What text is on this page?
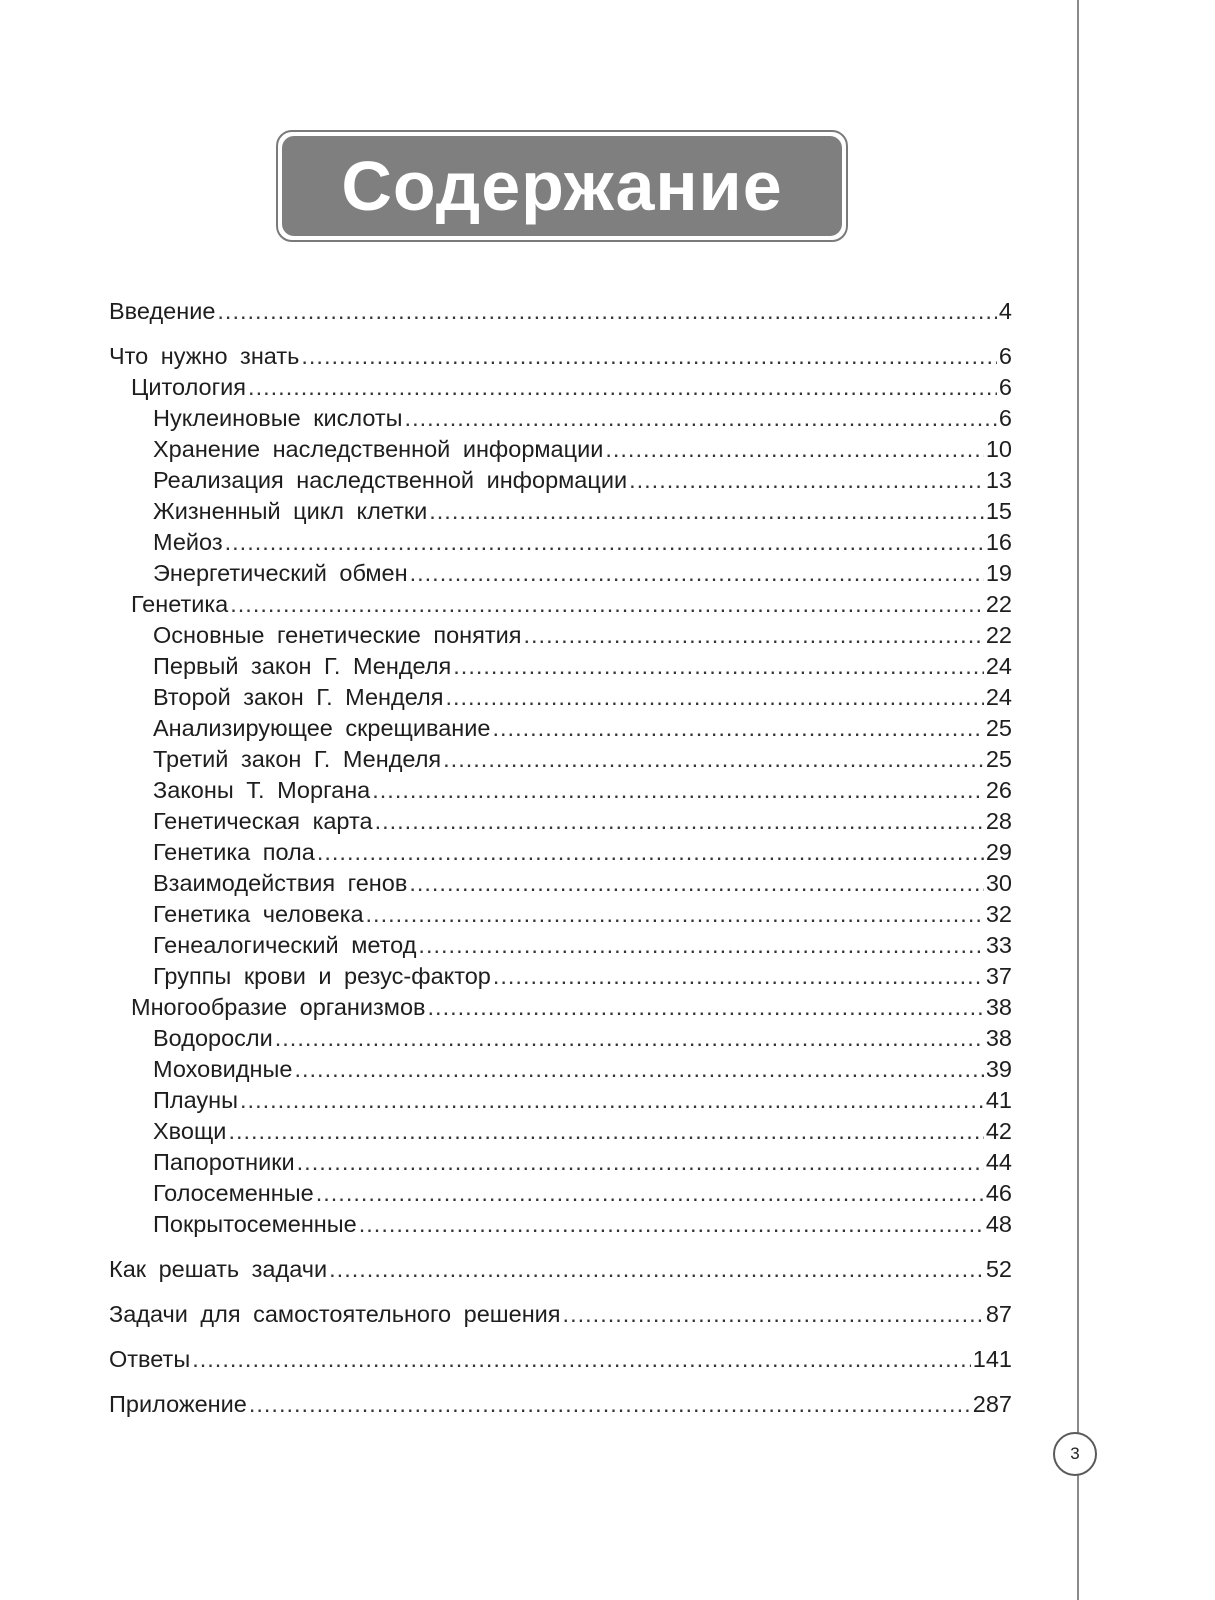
Содержание
Введение .....	4
Что нужно знать .....	6
Цитология .....	6
Нуклеиновые кислоты .....	6
Хранение наследственной информации .....	10
Реализация наследственной информации .....	13
Жизненный цикл клетки .....	15
Мейоз .....	16
Энергетический обмен .....	19
Генетика .....	22
Основные генетические понятия .....	22
Первый закон Г. Менделя .....	24
Второй закон Г. Менделя .....	24
Анализирующее скрещивание .....	25
Третий закон Г. Менделя .....	25
Законы Т. Моргана .....	26
Генетическая карта .....	28
Генетика пола .....	29
Взаимодействия генов .....	30
Генетика человека .....	32
Генеалогический метод .....	33
Группы крови и резус-фактор .....	37
Многообразие организмов .....	38
Водоросли .....	38
Моховидные .....	39
Плауны .....	41
Хвощи .....	42
Папоротники .....	44
Голосеменные .....	46
Покрытосеменные .....	48
Как решать задачи .....	52
Задачи для самостоятельного решения .....	87
Ответы .....	141
Приложение .....	287
3
